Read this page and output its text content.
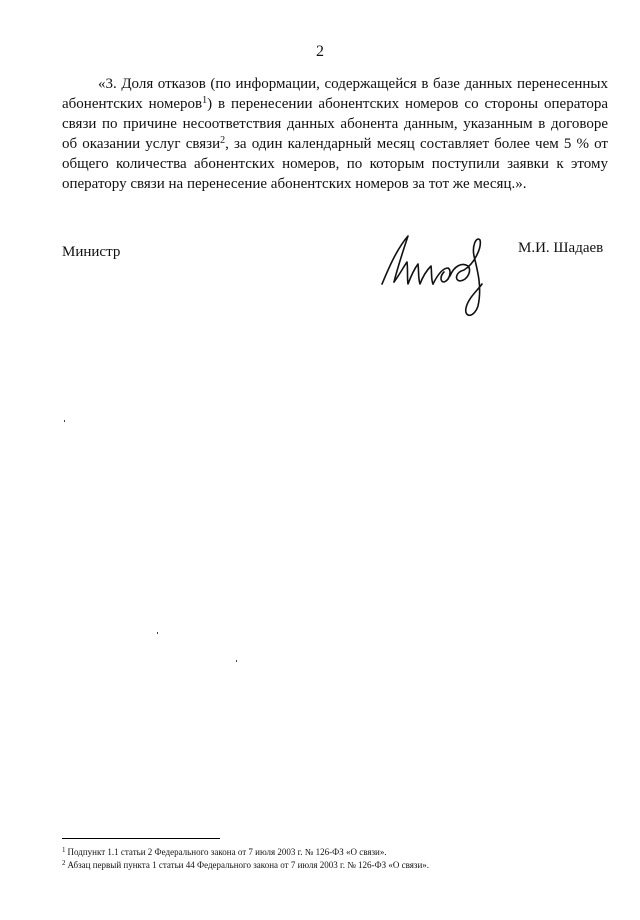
2

«3. Доля отказов (по информации, содержащейся в базе данных перенесенных абонентских номеров$^1$) в перенесении абонентских номеров со стороны оператора связи по причине несоответствия данных абонента данным, указанным в договоре об оказании услуг связи$^2$, за один календарный месяц составляет более чем 5 % от общего количества абонентских номеров, по которым поступили заявки к этому оператору связи на перенесение абонентских номеров за тот же месяц.».

Министр	М.И. Шадаев
$^1$ Подпункт 1.1 статьи 2 Федерального закона от 7 июля 2003 г. № 126-ФЗ «О связи».
$^2$ Абзац первый пункта 1 статьи 44 Федерального закона от 7 июля 2003 г. № 126-ФЗ «О связи».
